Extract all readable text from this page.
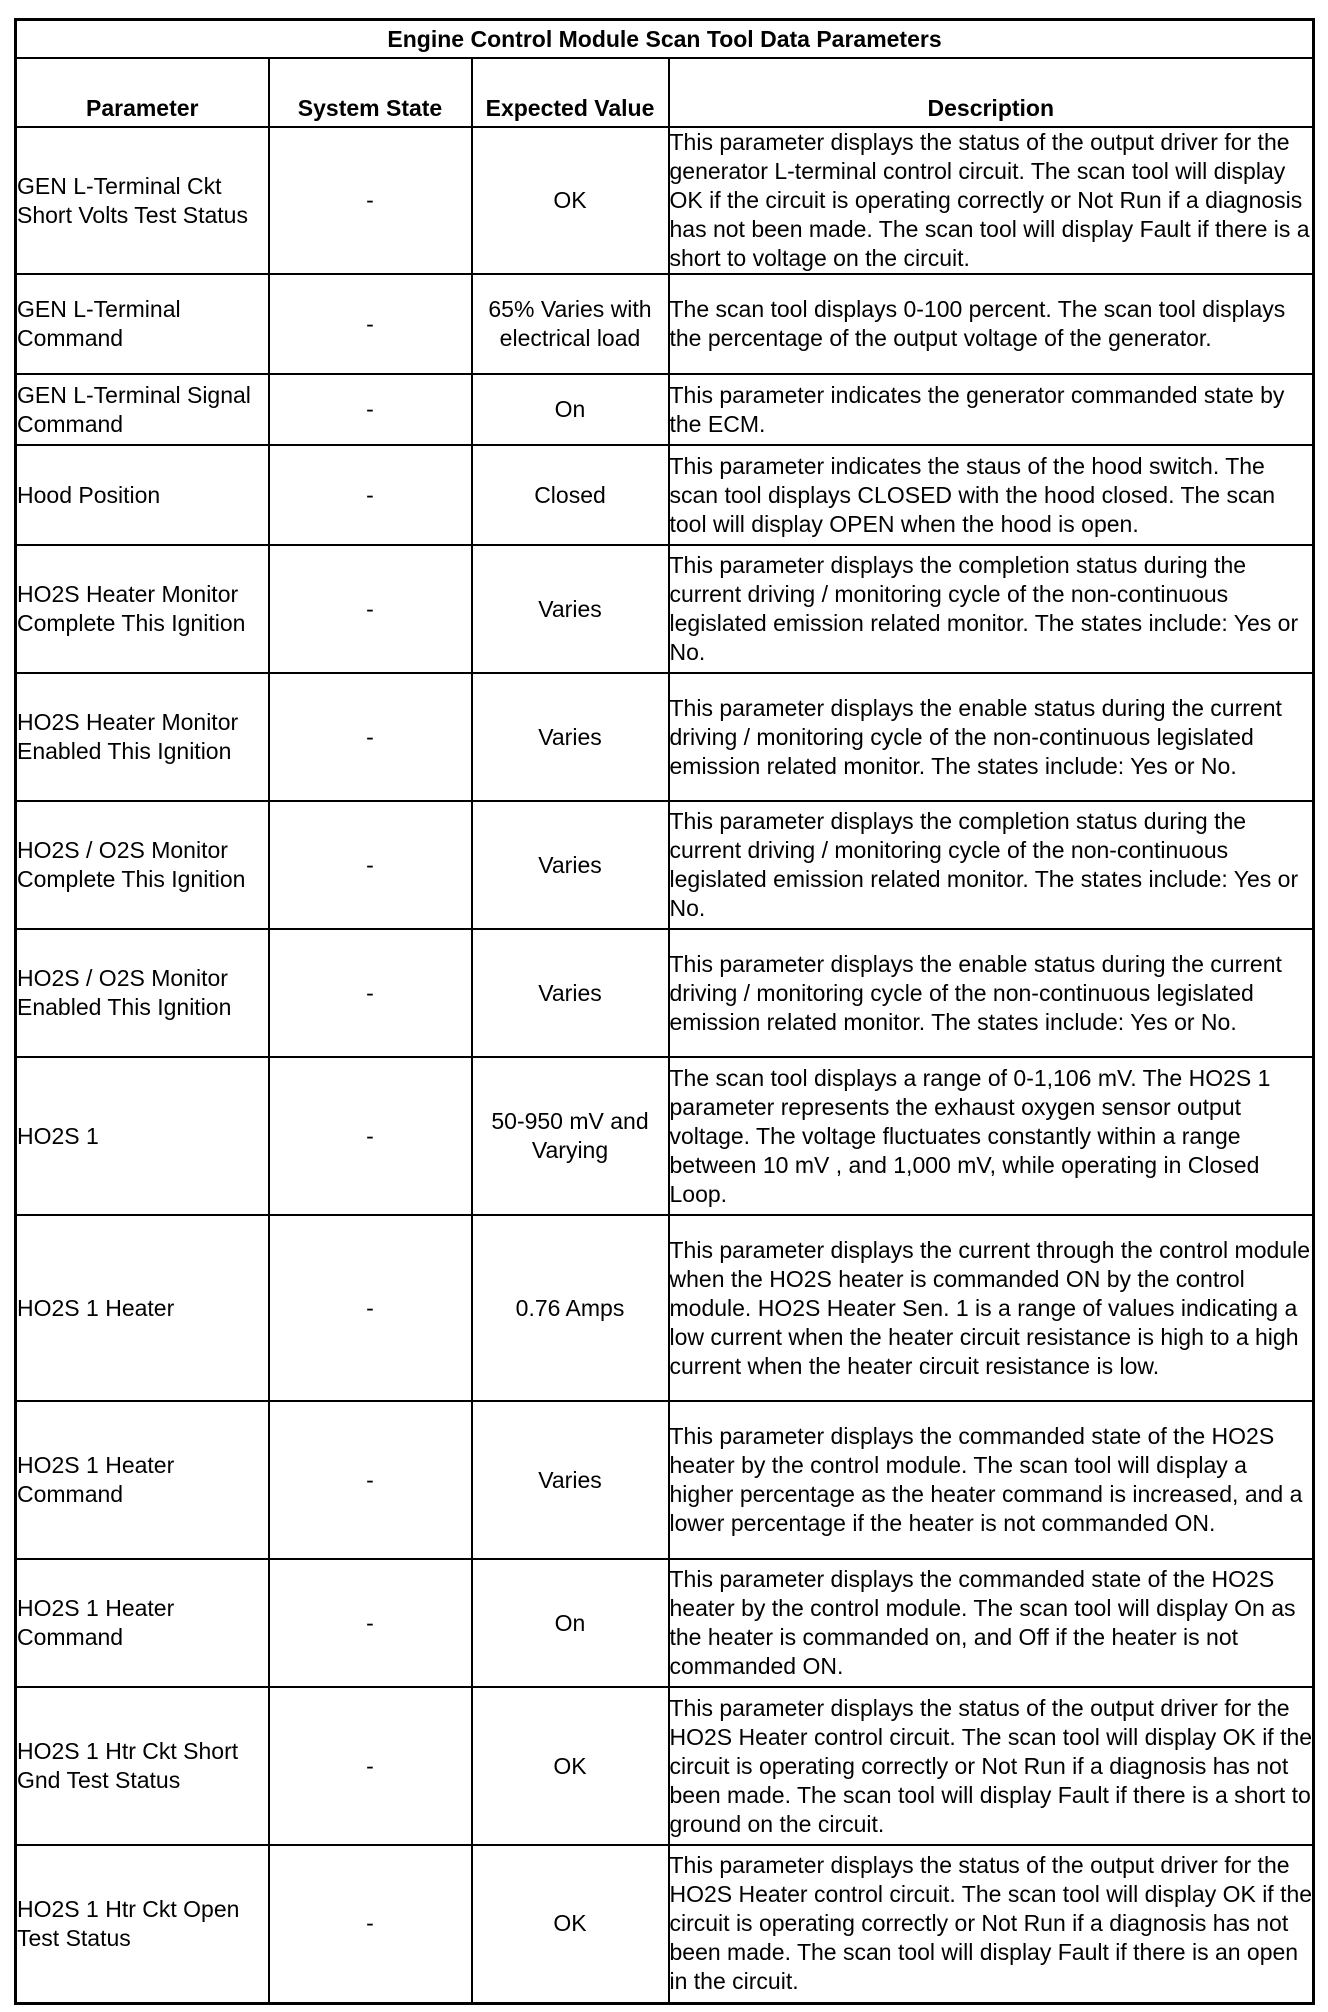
Engine Control Module Scan Tool Data Parameters			
Parameter	System State	Expected Value	Description
GEN L-Terminal Ckt Short Volts Test Status	-	OK	This parameter displays the status of the output driver for the generator L-terminal control circuit. The scan tool will display OK if the circuit is operating correctly or Not Run if a diagnosis has not been made. The scan tool will display Fault if there is a short to voltage on the circuit.
GEN L-Terminal Command	-	65% Varies with electrical load	The scan tool displays 0-100 percent. The scan tool displays the percentage of the output voltage of the generator.
GEN L-Terminal Signal Command	-	On	This parameter indicates the generator commanded state by the ECM.
Hood Position	-	Closed	This parameter indicates the staus of the hood switch. The scan tool displays CLOSED with the hood closed. The scan tool will display OPEN when the hood is open.
HO2S Heater Monitor Complete This Ignition	-	Varies	This parameter displays the completion status during the current driving / monitoring cycle of the non-continuous legislated emission related monitor. The states include: Yes or No.
HO2S Heater Monitor Enabled This Ignition	-	Varies	This parameter displays the enable status during the current driving / monitoring cycle of the non-continuous legislated emission related monitor. The states include: Yes or No.
HO2S / O2S Monitor Complete This Ignition	-	Varies	This parameter displays the completion status during the current driving / monitoring cycle of the non-continuous legislated emission related monitor. The states include: Yes or No.
HO2S / O2S Monitor Enabled This Ignition	-	Varies	This parameter displays the enable status during the current driving / monitoring cycle of the non-continuous legislated emission related monitor. The states include: Yes or No.
HO2S 1	-	50-950 mV and Varying	The scan tool displays a range of 0-1,106 mV. The HO2S 1 parameter represents the exhaust oxygen sensor output voltage. The voltage fluctuates constantly within a range between 10 mV , and 1,000 mV, while operating in Closed Loop.
HO2S 1 Heater	-	0.76 Amps	This parameter displays the current through the control module when the HO2S heater is commanded ON by the control module. HO2S Heater Sen. 1 is a range of values indicating a low current when the heater circuit resistance is high to a high current when the heater circuit resistance is low.
HO2S 1 Heater Command	-	Varies	This parameter displays the commanded state of the HO2S heater by the control module. The scan tool will display a higher percentage as the heater command is increased, and a lower percentage if the heater is not commanded ON.
HO2S 1 Heater Command	-	On	This parameter displays the commanded state of the HO2S heater by the control module. The scan tool will display On as the heater is commanded on, and Off if the heater is not commanded ON.
HO2S 1 Htr Ckt Short Gnd Test Status	-	OK	This parameter displays the status of the output driver for the HO2S Heater control circuit. The scan tool will display OK if the circuit is operating correctly or Not Run if a diagnosis has not been made. The scan tool will display Fault if there is a short to ground on the circuit.
HO2S 1 Htr Ckt Open Test Status	-	OK	This parameter displays the status of the output driver for the HO2S Heater control circuit. The scan tool will display OK if the circuit is operating correctly or Not Run if a diagnosis has not been made. The scan tool will display Fault if there is an open in the circuit.
